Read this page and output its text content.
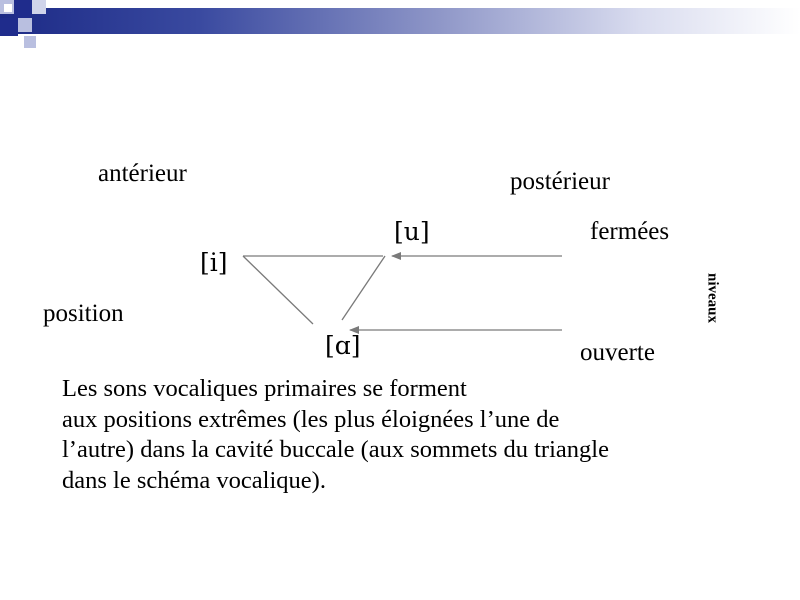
antérieur	postérieur
fermées
ouverte
position	niveaux
[i]
[u]
[ɑ]
Les sons vocaliques primaires se forment
aux positions extrêmes (les plus éloignées l’une de
l’autre) dans la cavité buccale (aux sommets du triangle
dans le schéma vocalique).
